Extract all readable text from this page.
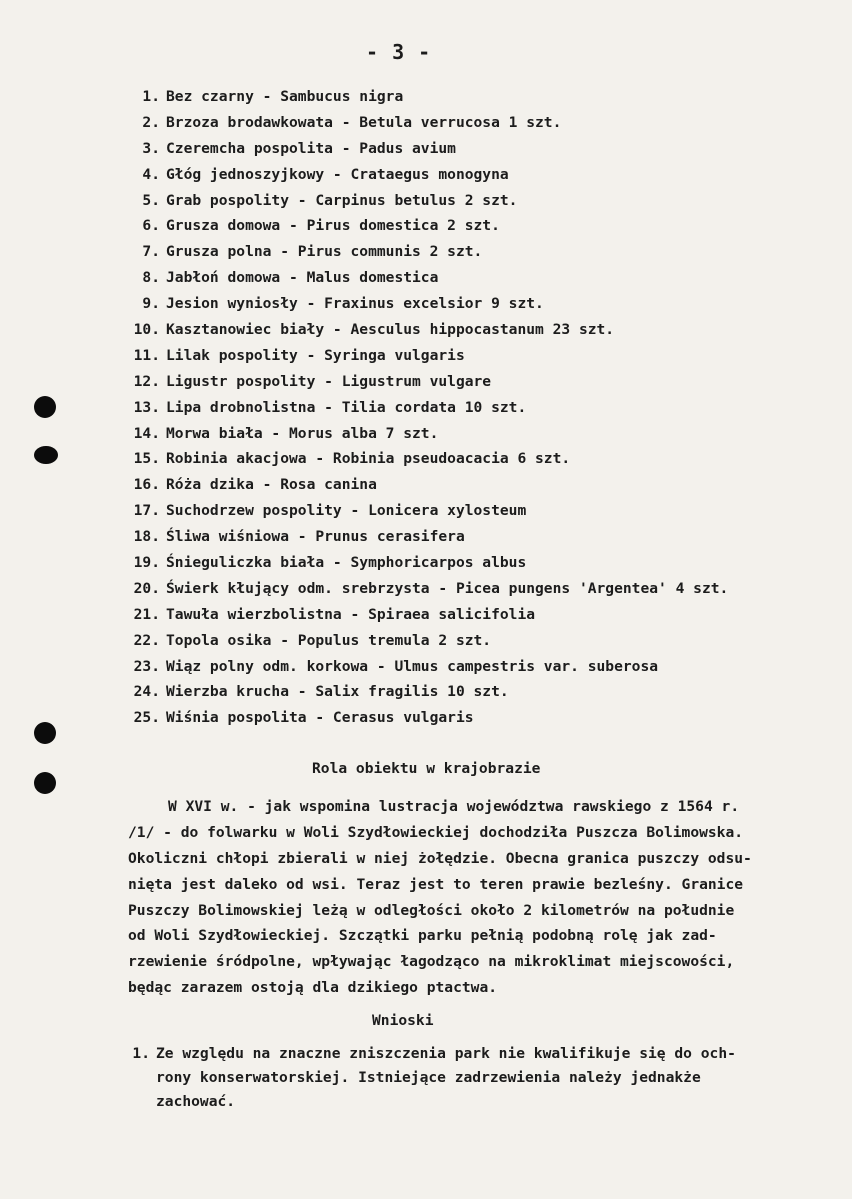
- 3 -
1. Bez czarny - Sambucus nigra
2. Brzoza brodawkowata - Betula verrucosa 1 szt.
3. Czeremcha pospolita - Padus avium
4. Głóg jednoszyjkowy - Crataegus monogyna
5. Grab pospolity - Carpinus betulus 2 szt.
6. Grusza domowa - Pirus domestica 2 szt.
7. Grusza polna - Pirus communis 2 szt.
8. Jabłoń domowa - Malus domestica
9. Jesion wyniosły - Fraxinus excelsior 9 szt.
10. Kasztanowiec biały - Aesculus hippocastanum 23 szt.
11. Lilak pospolity - Syringa vulgaris
12. Ligustr pospolity - Ligustrum vulgare
13. Lipa drobnolistna - Tilia cordata 10 szt.
14. Morwa biała - Morus alba 7 szt.
15. Robinia akacjowa - Robinia pseudoacacia 6 szt.
16. Róża dzika - Rosa canina
17. Suchodrzew pospolity - Lonicera xylosteum
18. Śliwa wiśniowa - Prunus cerasifera
19. Śnieguliczka biała - Symphoricarpos albus
20. Świerk kłujący odm. srebrzysta - Picea pungens 'Argentea' 4 szt.
21. Tawuła wierzbolistna - Spiraea salicifolia
22. Topola osika - Populus tremula 2 szt.
23. Wiąz polny odm. korkowa - Ulmus campestris var. suberosa
24. Wierzba krucha - Salix fragilis 10 szt.
25. Wiśnia pospolita - Cerasus vulgaris
Rola obiektu w krajobrazie
W XVI w. - jak wspomina lustracja województwa rawskiego z 1564 r.
/1/ - do folwarku w Woli Szydłowieckiej dochodziła Puszcza Bolimowska.
Okoliczni chłopi zbierali w niej żołędzie. Obecna granica puszczy odsu-
nięta jest daleko od wsi. Teraz jest to teren prawie bezleśny. Granice
Puszczy Bolimowskiej leżą w odległości około 2 kilometrów na południe
od Woli Szydłowieckiej. Szczątki parku pełnią podobną rolę jak zad-
rzewienie śródpolne, wpływając łagodząco na mikroklimat miejscowości,
będąc zarazem ostoją dla dzikiego ptactwa.
Wnioski
1. Ze względu na znaczne zniszczenia park nie kwalifikuje się do och-
rony konserwatorskiej. Istniejące zadrzewienia należy jednakże
zachować.
